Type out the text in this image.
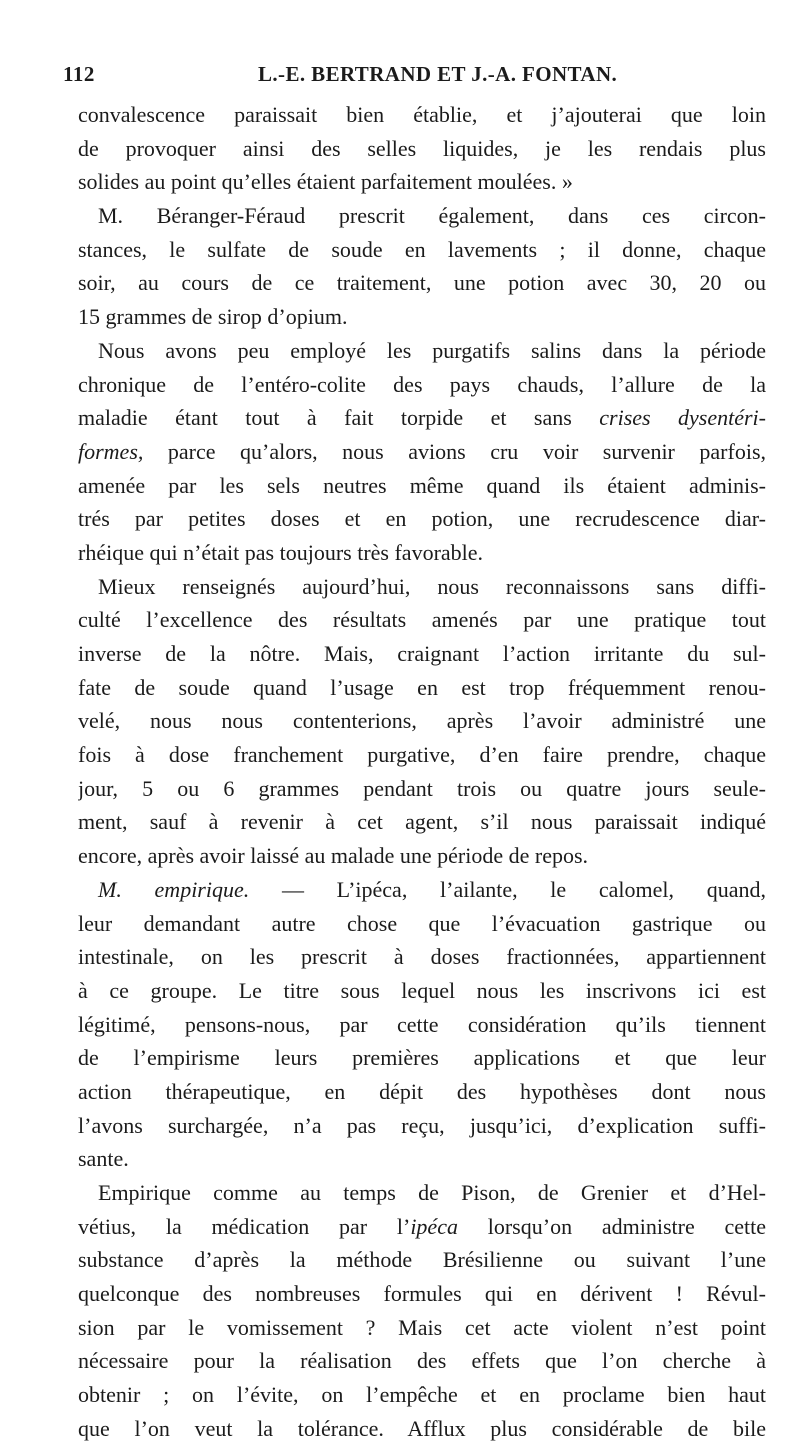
112	L.-E. BERTRAND ET J.-A. FONTAN.
convalescence paraissait bien établie, et j’ajouterai que loin
de provoquer ainsi des selles liquides, je les rendais plus
solides au point qu’elles étaient parfaitement moulées. »
M. Béranger-Féraud prescrit également, dans ces circon-
stances, le sulfate de soude en lavements ; il donne, chaque
soir, au cours de ce traitement, une potion avec 30, 20 ou
15 grammes de sirop d’opium.
Nous avons peu employé les purgatifs salins dans la période
chronique de l’entéro-colite des pays chauds, l’allure de la
maladie étant tout à fait torpide et sans crises dysentéri-
formes, parce qu’alors, nous avions cru voir survenir parfois,
amenée par les sels neutres même quand ils étaient adminis-
trés par petites doses et en potion, une recrudescence diar-
rhéique qui n’était pas toujours très favorable.
Mieux renseignés aujourd’hui, nous reconnaissons sans diffi-
culté l’excellence des résultats amenés par une pratique tout
inverse de la nôtre. Mais, craignant l’action irritante du sul-
fate de soude quand l’usage en est trop fréquemment renou-
velé, nous nous contenterions, après l’avoir administré une
fois à dose franchement purgative, d’en faire prendre, chaque
jour, 5 ou 6 grammes pendant trois ou quatre jours seule-
ment, sauf à revenir à cet agent, s’il nous paraissait indiqué
encore, après avoir laissé au malade une période de repos.
M. empirique. — L’ipéca, l’ailante, le calomel, quand,
leur demandant autre chose que l’évacuation gastrique ou
intestinale, on les prescrit à doses fractionnées, appartiennent
à ce groupe. Le titre sous lequel nous les inscrivons ici est
légitimé, pensons-nous, par cette considération qu’ils tiennent
de l’empirisme leurs premières applications et que leur
action thérapeutique, en dépit des hypothèses dont nous
l’avons surchargée, n’a pas reçu, jusqu’ici, d’explication suffi-
sante.
Empirique comme au temps de Pison, de Grenier et d’Hel-
vétius, la médication par l’ipéca lorsqu’on administre cette
substance d’après la méthode Brésilienne ou suivant l’une
quelconque des nombreuses formules qui en dérivent ! Révul-
sion par le vomissement ? Mais cet acte violent n’est point
nécessaire pour la réalisation des effets que l’on cherche à
obtenir ; on l’évite, on l’empêche et en proclame bien haut
que l’on veut la tolérance. Afflux plus considérable de bile
